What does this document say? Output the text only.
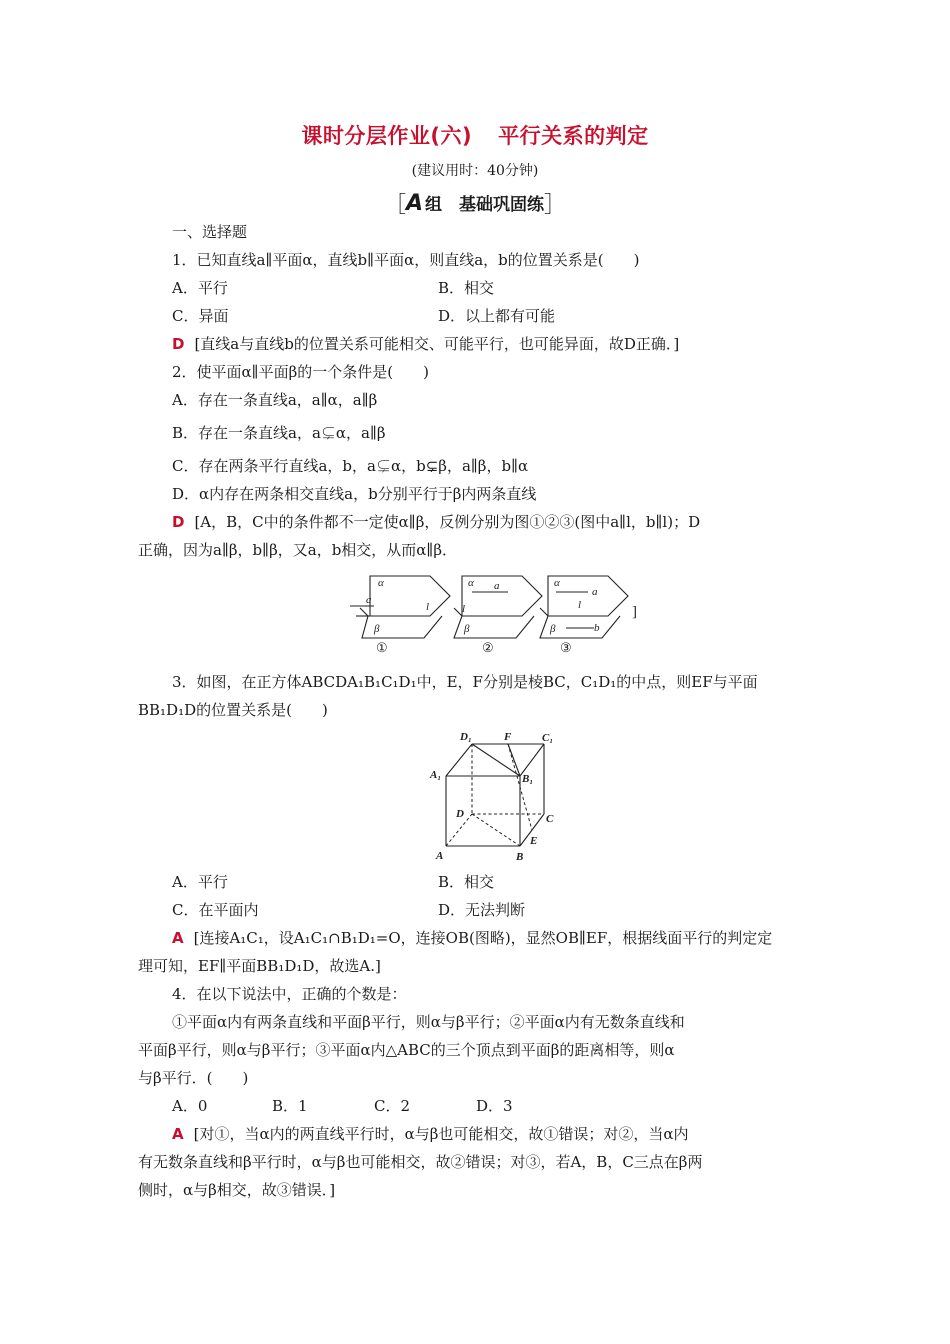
课时分层作业(六) 平行关系的判定
(建议用时：40分钟)
［A 组　基础巩固练］
一、选择题
1．已知直线a∥平面α，直线b∥平面α，则直线a，b的位置关系是(　　)
A．平行	B．相交
C．异面	D．以上都有可能
D [直线a与直线b的位置关系可能相交、可能平行，也可能异面，故D正确．]
2．使平面α∥平面β的一个条件是(　　)
A．存在一条直线a，a∥α，a∥β
B．存在一条直线a，a⊊α，a∥β
C．存在两条平行直线a，b，a⊊α，b⊊β，a∥β，b∥α
D．α内存在两条相交直线a，b分别平行于β内两条直线
D [A，B，C中的条件都不一定使α∥β，反例分别为图①②③(图中a∥l，b∥l)；D
正确，因为a∥β，b∥β，又a，b相交，从而α∥β．
α
l
a
β
α a
l
β
α
a
l
β	b
①	②	③
]
3．如图，在正方体ABCDA₁B₁C₁D₁中，E，F分别是棱BC，C₁D₁的中点，则EF与平面
BB₁D₁D的位置关系是(　　)
D₁	F	C₁
A₁	B₁
D	C
E
A	B
A．平行	B．相交
C．在平面内	D．无法判断
A [连接A₁C₁，设A₁C₁∩B₁D₁=O，连接OB(图略)，显然OB∥EF，根据线面平行的判定定
理可知，EF∥平面BB₁D₁D，故选A.]
4．在以下说法中，正确的个数是：
①平面α内有两条直线和平面β平行，则α与β平行；②平面α内有无数条直线和
平面β平行，则α与β平行；③平面α内△ABC的三个顶点到平面β的距离相等，则α
与β平行．(　　)
A．0	B．1	C．2	D．3
A [对①，当α内的两直线平行时，α与β也可能相交，故①错误；对②，当α内
有无数条直线和β平行时，α与β也可能相交，故②错误；对③，若A，B，C三点在β两
侧时，α与β相交，故③错误．]
